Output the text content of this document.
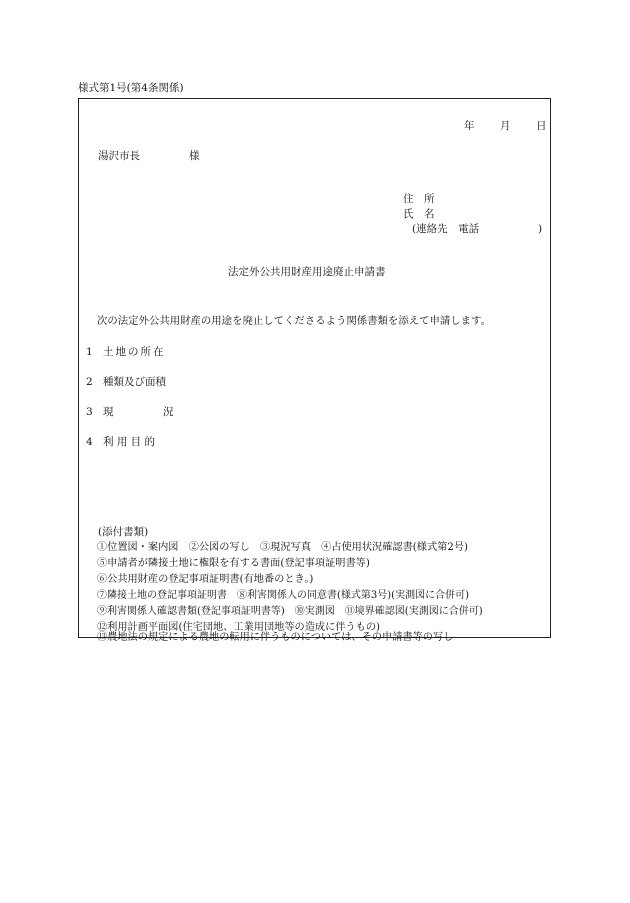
様式第1号(第4条関係)
年 月 日
湯沢市長	様
住　所
氏　名
(連絡先　電話	)
法定外公共用財産用途廃止申請書
次の法定外公共用財産の用途を廃止してくださるよう関係書類を添えて申請します。
1 土地の所在
2 種類及び面積
3 現	況
4 利 用 目 的
(添付書類)
①位置図・案内図　②公図の写し　③現況写真　④占使用状況確認書(様式第2号)
⑤申請者が隣接土地に権限を有する書面(登記事項証明書等)
⑥公共用財産の登記事項証明書(有地番のとき。)
⑦隣接土地の登記事項証明書　⑧利害関係人の同意書(様式第3号)(実測図に合併可)
⑨利害関係人確認書類(登記事項証明書等)　⑩実測図　⑪境界確認図(実測図に合併可)
⑫利用計画平面図(住宅団地、工業用団地等の造成に伴うもの)
⑬農地法の規定による農地の転用に伴うものについては、その申請書等の写し
